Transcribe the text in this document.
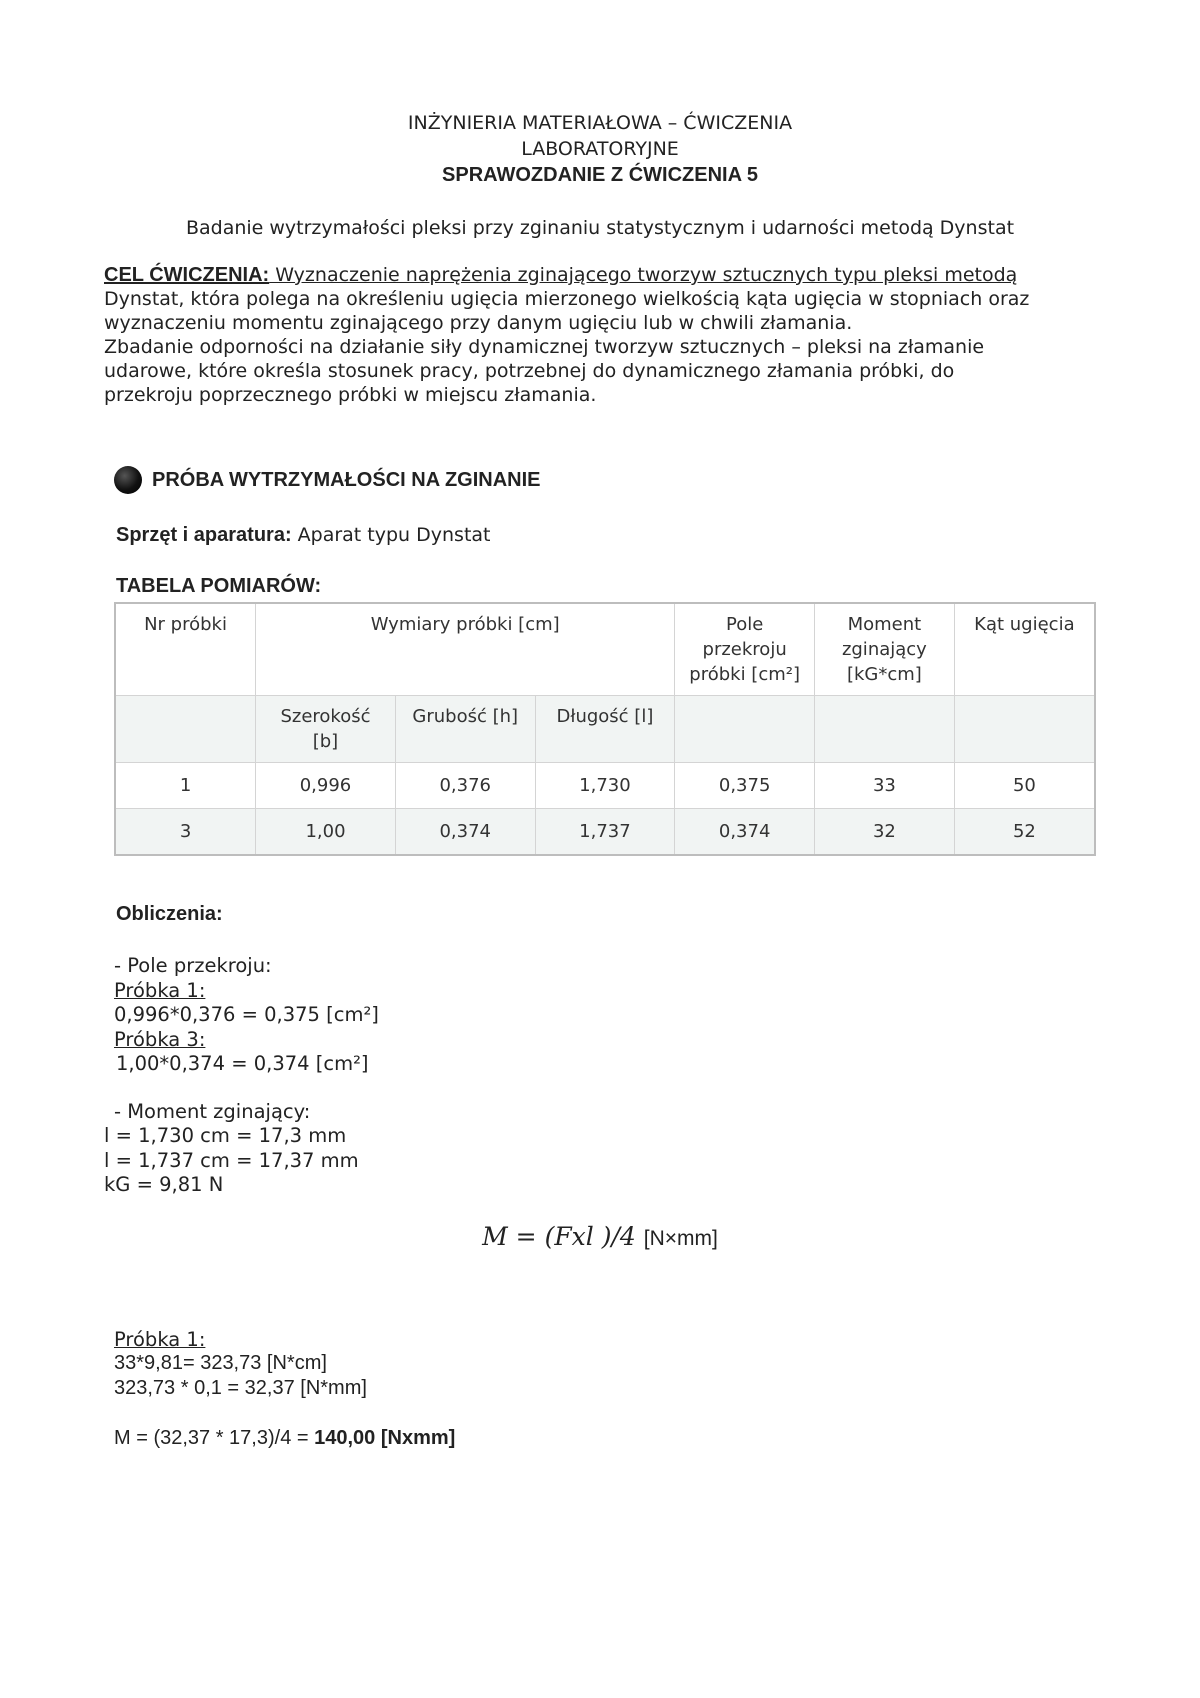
INŻYNIERIA MATERIAŁOWA – ĆWICZENIA
LABORATORYJNE
SPRAWOZDANIE Z ĆWICZENIA 5
Badanie wytrzymałości pleksi przy zginaniu statystycznym i udarności metodą Dynstat
CEL ĆWICZENIA: Wyznaczenie naprężenia zginającego tworzyw sztucznych typu pleksi metodą
Dynstat, która polega na określeniu ugięcia mierzonego wielkością kąta ugięcia w stopniach oraz
wyznaczeniu momentu zginającego przy danym ugięciu lub w chwili złamania.
Zbadanie odporności na działanie siły dynamicznej tworzyw sztucznych – pleksi na złamanie
udarowe, które określa stosunek pracy, potrzebnej do dynamicznego złamania próbki, do
przekroju poprzecznego próbki w miejscu złamania.
PRÓBA WYTRZYMAŁOŚCI NA ZGINANIE
Sprzęt i aparatura: Aparat typu Dynstat
TABELA POMIARÓW:
Nr próbki	Wymiary próbki [cm]			Pole
przekroju
próbki [cm²]	Moment
zginający
[kG*cm]	Kąt ugięcia
	Szerokość
[b]	Grubość [h]	Długość [l]			
1	0,996	0,376	1,730	0,375	33	50
3	1,00	0,374	1,737	0,374	32	52
Obliczenia:
- Pole przekroju:
Próbka 1:
0,996*0,376 = 0,375 [cm²]
Próbka 3:
1,00*0,374 = 0,374 [cm²]
- Moment zginający:
l = 1,730 cm = 17,3 mm
l = 1,737 cm = 17,37 mm
kG = 9,81 N
M = (Fxl )/4 [N×mm]
Próbka 1:
33*9,81= 323,73 [N*cm]
323,73 * 0,1 = 32,37 [N*mm]
M = (32,37 * 17,3)/4 = 140,00 [Nxmm]
